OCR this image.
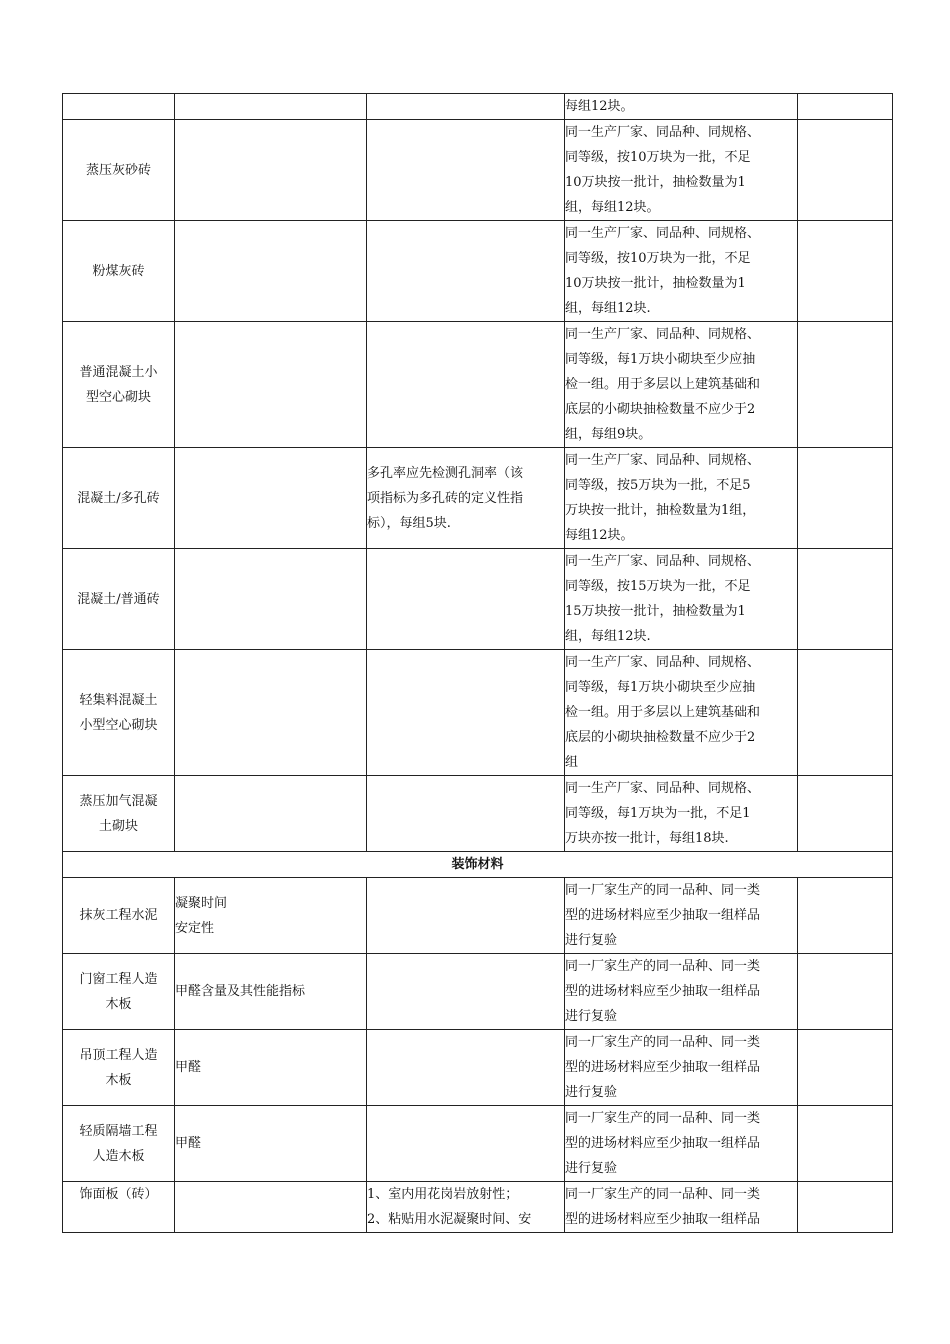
			每组12块。	

蒸压灰砂砖			同一生产厂家、同品种、同规格、
同等级，按10万块为一批，不足
10万块按一批计，抽检数量为1
组，每组12块。	

粉煤灰砖			同一生产厂家、同品种、同规格、
同等级，按10万块为一批，不足
10万块按一批计，抽检数量为1
组，每组12块.	

普通混凝土小
型空心砌块			同一生产厂家、同品种、同规格、
同等级，每1万块小砌块至少应抽
检一组。用于多层以上建筑基础和
底层的小砌块抽检数量不应少于2
组，每组9块。	

混凝土/多孔砖		多孔率应先检测孔洞率（该
项指标为多孔砖的定义性指
标），每组5块.	同一生产厂家、同品种、同规格、
同等级，按5万块为一批，不足5
万块按一批计，抽检数量为1组，
每组12块。	

混凝土/普通砖			同一生产厂家、同品种、同规格、
同等级，按15万块为一批，不足
15万块按一批计，抽检数量为1
组，每组12块.	

轻集料混凝土
小型空心砌块			同一生产厂家、同品种、同规格、
同等级，每1万块小砌块至少应抽
检一组。用于多层以上建筑基础和
底层的小砌块抽检数量不应少于2
组	

蒸压加气混凝
土砌块			同一生产厂家、同品种、同规格、
同等级，每1万块为一批，不足1
万块亦按一批计，每组18块.	

装饰材料				

抹灰工程水泥	凝聚时间
安定性		同一厂家生产的同一品种、同一类
型的进场材料应至少抽取一组样品
进行复验	

门窗工程人造
木板	甲醛含量及其性能指标		同一厂家生产的同一品种、同一类
型的进场材料应至少抽取一组样品
进行复验	

吊顶工程人造
木板	甲醛		同一厂家生产的同一品种、同一类
型的进场材料应至少抽取一组样品
进行复验	

轻质隔墙工程
人造木板	甲醛		同一厂家生产的同一品种、同一类
型的进场材料应至少抽取一组样品
进行复验	

饰面板（砖）		1、室内用花岗岩放射性；
2、粘贴用水泥凝聚时间、安	同一厂家生产的同一品种、同一类
型的进场材料应至少抽取一组样品	
